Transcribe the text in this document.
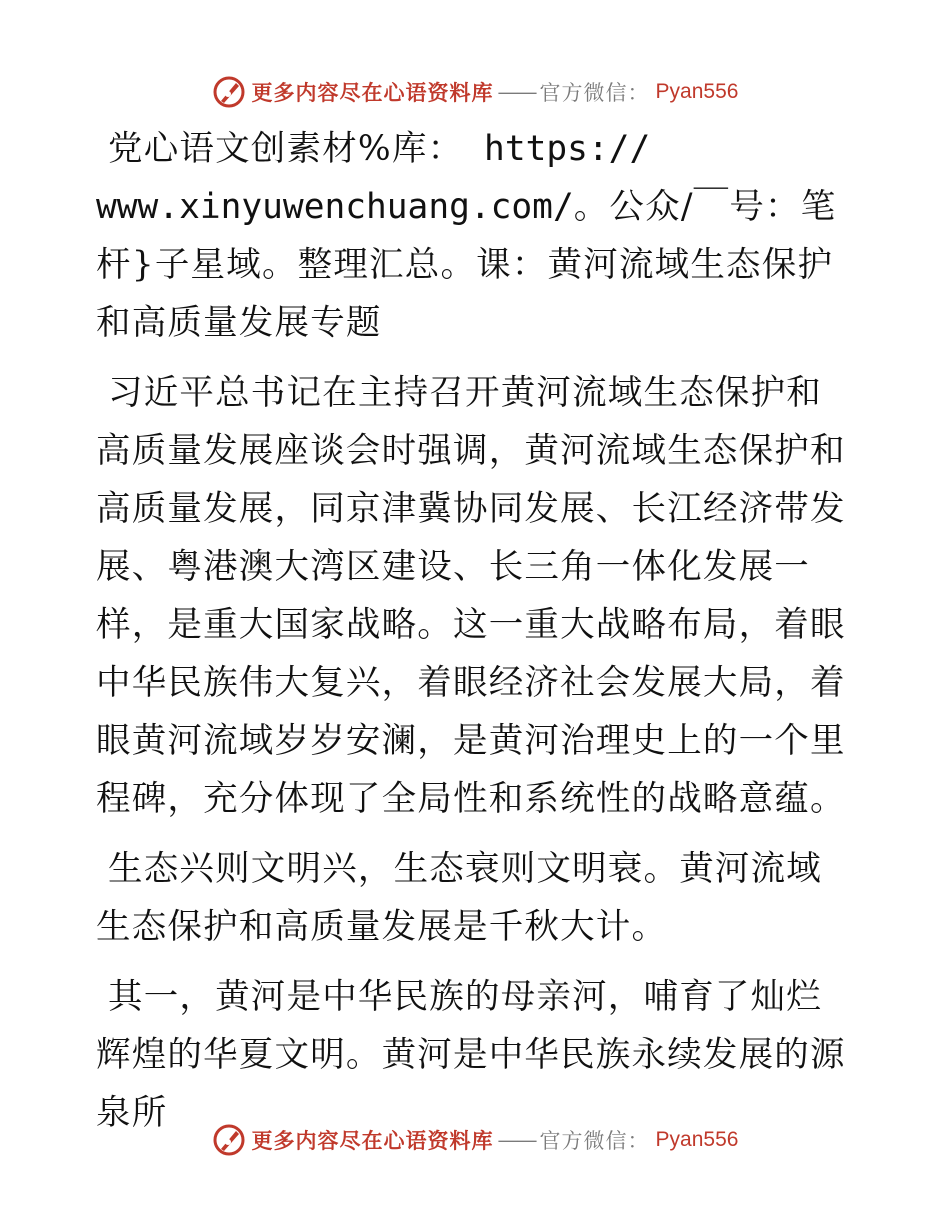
更多内容尽在心语资料库 —— 官方微信： Pyan556

党心语文创素材%库： https://
www.xinyuwenchuang.com/。公众/￣号：笔杆}子星域。整理汇总。课：黄河流域生态保护和高质量发展专题

习近平总书记在主持召开黄河流域生态保护和高质量发展座谈会时强调，黄河流域生态保护和高质量发展，同京津冀协同发展、长江经济带发展、粤港澳大湾区建设、长三角一体化发展一样，是重大国家战略。这一重大战略布局，着眼中华民族伟大复兴，着眼经济社会发展大局，着眼黄河流域岁岁安澜，是黄河治理史上的一个里程碑，充分体现了全局性和系统性的战略意蕴。

生态兴则文明兴，生态衰则文明衰。黄河流域生态保护和高质量发展是千秋大计。

其一，黄河是中华民族的母亲河，哺育了灿烂辉煌的华夏文明。黄河是中华民族永续发展的源泉所

更多内容尽在心语资料库 —— 官方微信： Pyan556
